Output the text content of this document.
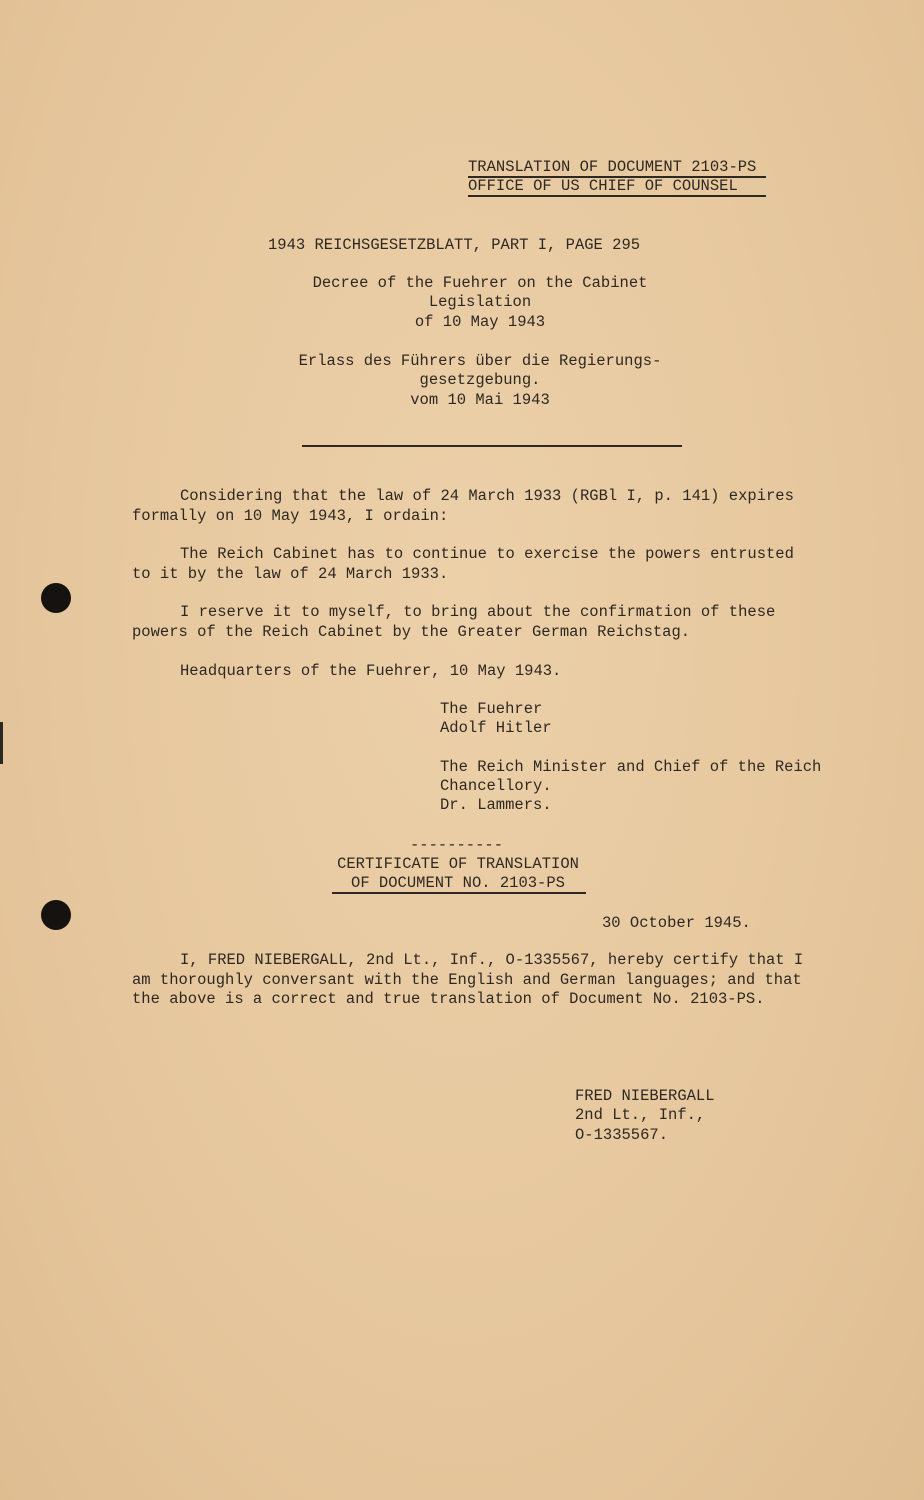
TRANSLATION OF DOCUMENT 2103-PS
OFFICE OF US CHIEF OF COUNSEL
1943 REICHSGESETZBLATT, PART I, PAGE 295
Decree of the Fuehrer on the Cabinet
Legislation
of 10 May 1943
Erlass des Führers über die Regierungs-
gesetzgebung.
vom 10 Mai 1943
Considering that the law of 24 March 1933 (RGBl I, p. 141) expires
formally on 10 May 1943, I ordain:
The Reich Cabinet has to continue to exercise the powers entrusted
to it by the law of 24 March 1933.
I reserve it to myself, to bring about the confirmation of these
powers of the Reich Cabinet by the Greater German Reichstag.
Headquarters of the Fuehrer, 10 May 1943.
The Fuehrer
Adolf Hitler
The Reich Minister and Chief of the Reich
Chancellory.
Dr. Lammers.
----------
CERTIFICATE OF TRANSLATION
OF DOCUMENT NO. 2103-PS
30 October 1945.
I, FRED NIEBERGALL, 2nd Lt., Inf., O-1335567, hereby certify that I
am thoroughly conversant with the English and German languages; and that
the above is a correct and true translation of Document No. 2103-PS.
FRED NIEBERGALL
2nd Lt., Inf.,
O-1335567.
